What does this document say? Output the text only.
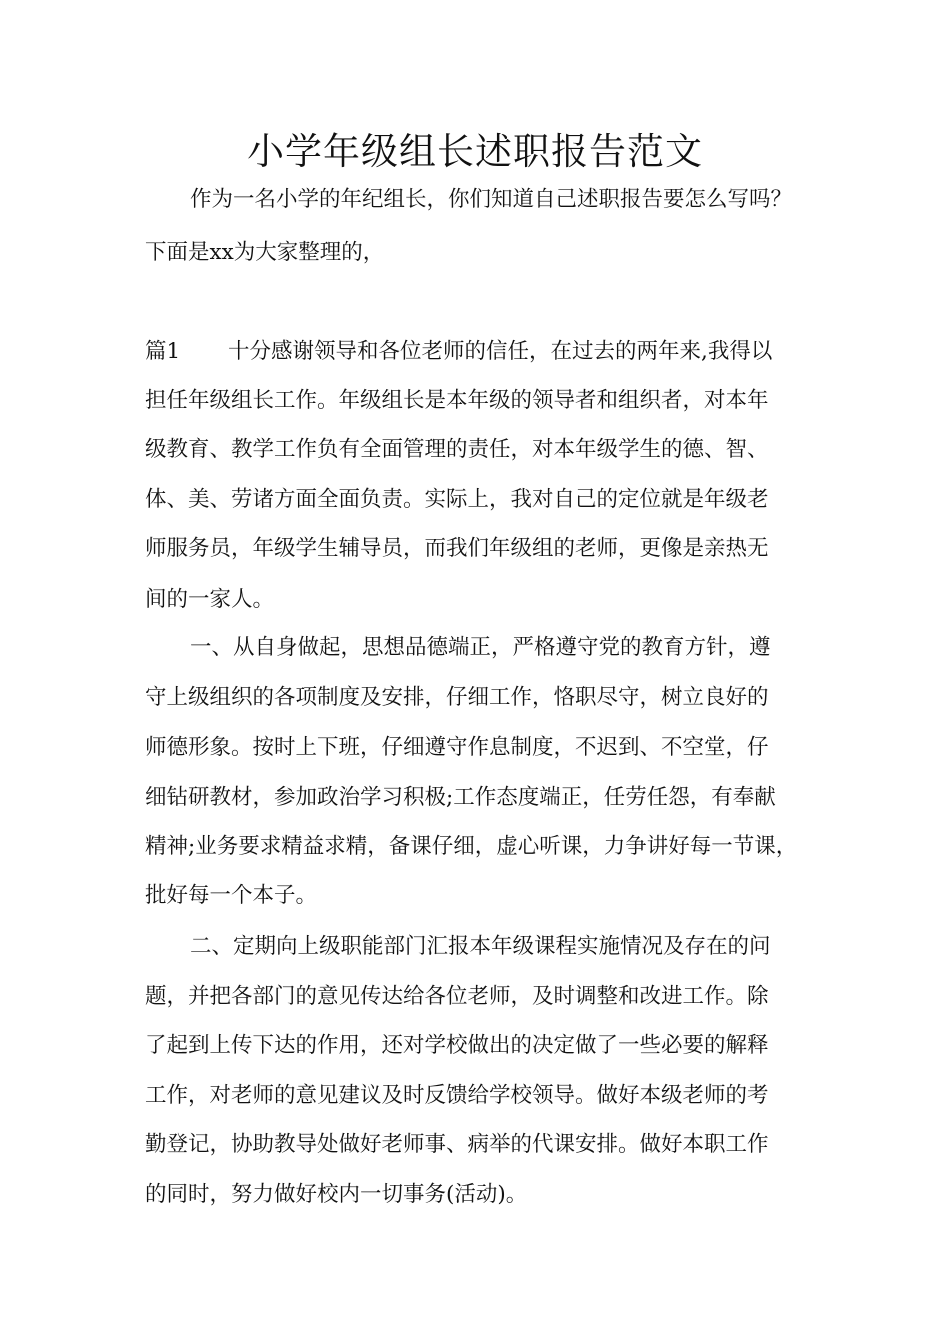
小学年级组长述职报告范文
作为一名小学的年纪组长，你们知道自己述职报告要怎么写吗？
下面是xx为大家整理的，
篇1 十分感谢领导和各位老师的信任，在过去的两年来,我得以
担任年级组长工作。年级组长是本年级的领导者和组织者，对本年
级教育、教学工作负有全面管理的责任，对本年级学生的德、智、
体、美、劳诸方面全面负责。实际上，我对自己的定位就是年级老
师服务员，年级学生辅导员，而我们年级组的老师，更像是亲热无
间的一家人。
一、从自身做起，思想品德端正，严格遵守党的教育方针，遵
守上级组织的各项制度及安排，仔细工作，恪职尽守，树立良好的
师德形象。按时上下班，仔细遵守作息制度，不迟到、不空堂，仔
细钻研教材，参加政治学习积极;工作态度端正，任劳任怨，有奉献
精神;业务要求精益求精，备课仔细，虚心听课，力争讲好每一节课，
批好每一个本子。
二、定期向上级职能部门汇报本年级课程实施情况及存在的问
题，并把各部门的意见传达给各位老师，及时调整和改进工作。除
了起到上传下达的作用，还对学校做出的决定做了一些必要的解释
工作，对老师的意见建议及时反馈给学校领导。做好本级老师的考
勤登记，协助教导处做好老师事、病举的代课安排。做好本职工作
的同时，努力做好校内一切事务(活动)。
